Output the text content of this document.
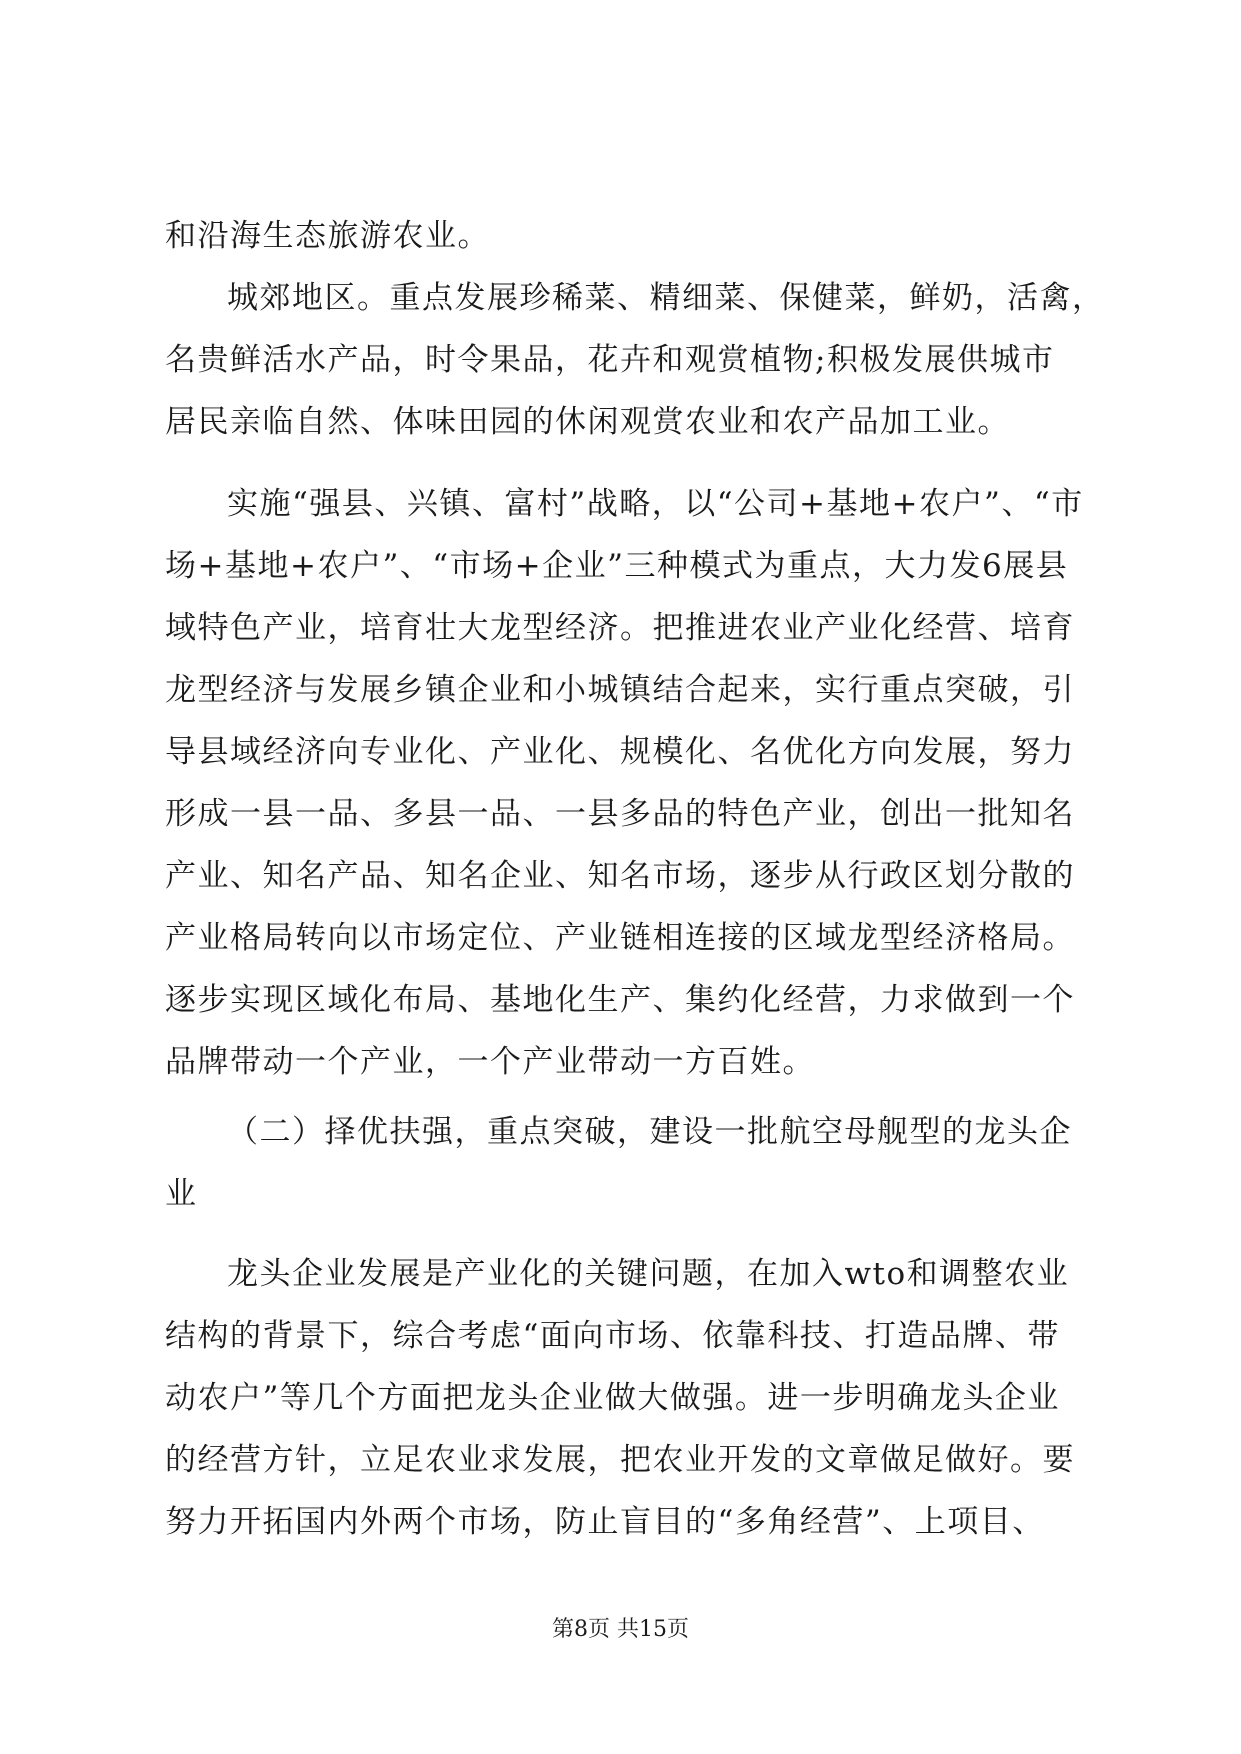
和沿海生态旅游农业。
城郊地区。重点发展珍稀菜、精细菜、保健菜，鲜奶，活禽，
名贵鲜活水产品，时令果品，花卉和观赏植物;积极发展供城市
居民亲临自然、体味田园的休闲观赏农业和农产品加工业。
实施“强县、兴镇、富村”战略，以“公司+基地+农户”、“市
场+基地+农户”、“市场+企业”三种模式为重点，大力发6展县
域特色产业，培育壮大龙型经济。把推进农业产业化经营、培育
龙型经济与发展乡镇企业和小城镇结合起来，实行重点突破，引
导县域经济向专业化、产业化、规模化、名优化方向发展，努力
形成一县一品、多县一品、一县多品的特色产业，创出一批知名
产业、知名产品、知名企业、知名市场，逐步从行政区划分散的
产业格局转向以市场定位、产业链相连接的区域龙型经济格局。
逐步实现区域化布局、基地化生产、集约化经营，力求做到一个
品牌带动一个产业，一个产业带动一方百姓。
（二）择优扶强，重点突破，建设一批航空母舰型的龙头企
业
龙头企业发展是产业化的关键问题，在加入wto和调整农业
结构的背景下，综合考虑“面向市场、依靠科技、打造品牌、带
动农户”等几个方面把龙头企业做大做强。进一步明确龙头企业
的经营方针，立足农业求发展，把农业开发的文章做足做好。要
努力开拓国内外两个市场，防止盲目的“多角经营”、上项目、
第8页 共15页
